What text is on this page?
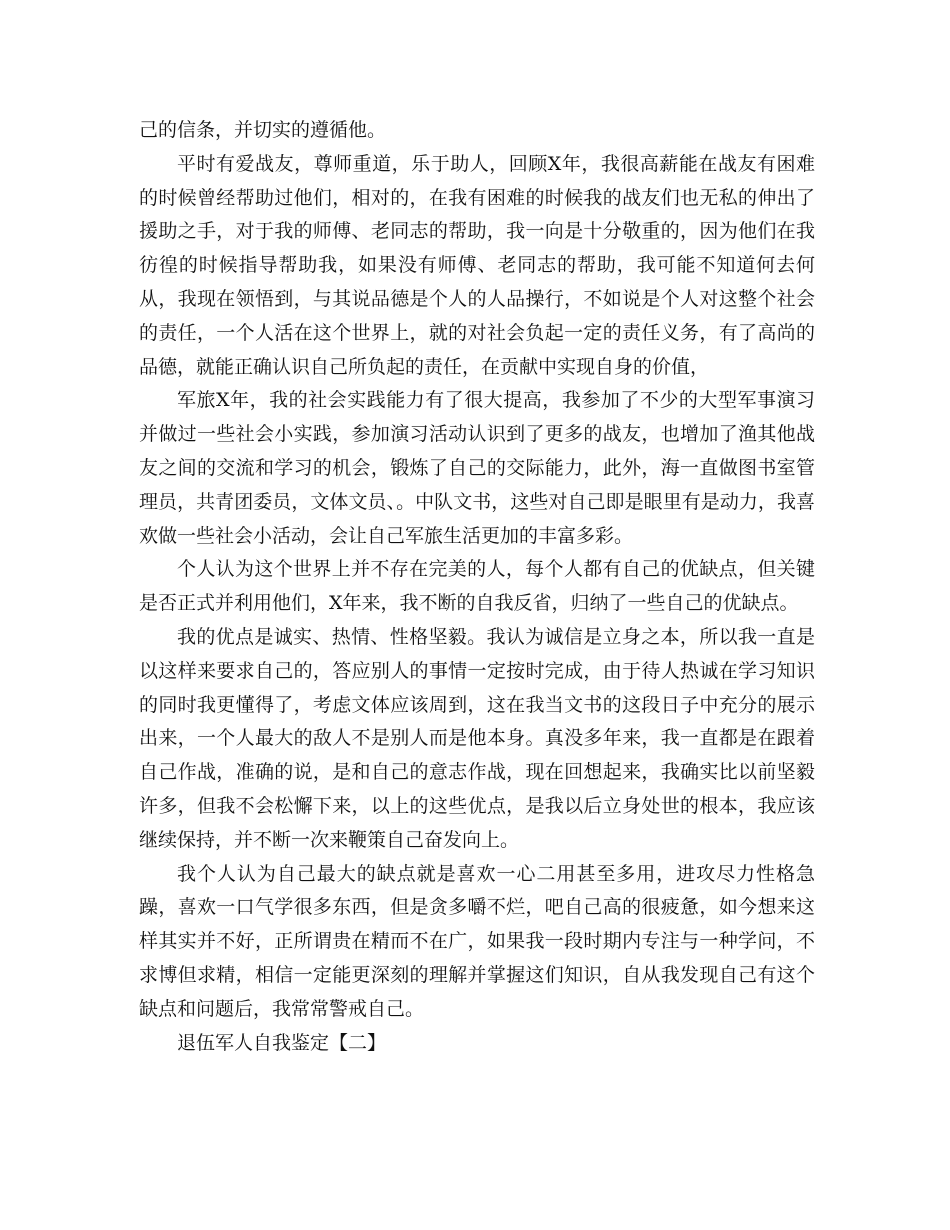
己的信条，并切实的遵循他。

平时有爱战友，尊师重道，乐于助人，回顾X年，我很高薪能在战友有困难的时候曾经帮助过他们，相对的，在我有困难的时候我的战友们也无私的伸出了援助之手，对于我的师傅、老同志的帮助，我一向是十分敬重的，因为他们在我彷徨的时候指导帮助我，如果没有师傅、老同志的帮助，我可能不知道何去何从，我现在领悟到，与其说品德是个人的人品操行，不如说是个人对这整个社会的责任，一个人活在这个世界上，就的对社会负起一定的责任义务，有了高尚的品德，就能正确认识自己所负起的责任，在贡献中实现自身的价值，

军旅X年，我的社会实践能力有了很大提高，我参加了不少的大型军事演习并做过一些社会小实践，参加演习活动认识到了更多的战友，也增加了渔其他战友之间的交流和学习的机会，锻炼了自己的交际能力，此外，海一直做图书室管理员，共青团委员，文体文员、。中队文书，这些对自己即是眼里有是动力，我喜欢做一些社会小活动，会让自己军旅生活更加的丰富多彩。

个人认为这个世界上并不存在完美的人，每个人都有自己的优缺点，但关键是否正式并利用他们，X年来，我不断的自我反省，归纳了一些自己的优缺点。

我的优点是诚实、热情、性格坚毅。我认为诚信是立身之本，所以我一直是以这样来要求自己的，答应别人的事情一定按时完成，由于待人热诚在学习知识的同时我更懂得了，考虑文体应该周到，这在我当文书的这段日子中充分的展示出来，一个人最大的敌人不是别人而是他本身。真没多年来，我一直都是在跟着自己作战，准确的说，是和自己的意志作战，现在回想起来，我确实比以前坚毅许多，但我不会松懈下来，以上的这些优点，是我以后立身处世的根本，我应该继续保持，并不断一次来鞭策自己奋发向上。

我个人认为自己最大的缺点就是喜欢一心二用甚至多用，进攻尽力性格急躁，喜欢一口气学很多东西，但是贪多嚼不烂，吧自己高的很疲惫，如今想来这样其实并不好，正所谓贵在精而不在广，如果我一段时期内专注与一种学问，不求博但求精，相信一定能更深刻的理解并掌握这们知识，自从我发现自己有这个缺点和问题后，我常常警戒自己。

退伍军人自我鉴定【二】
